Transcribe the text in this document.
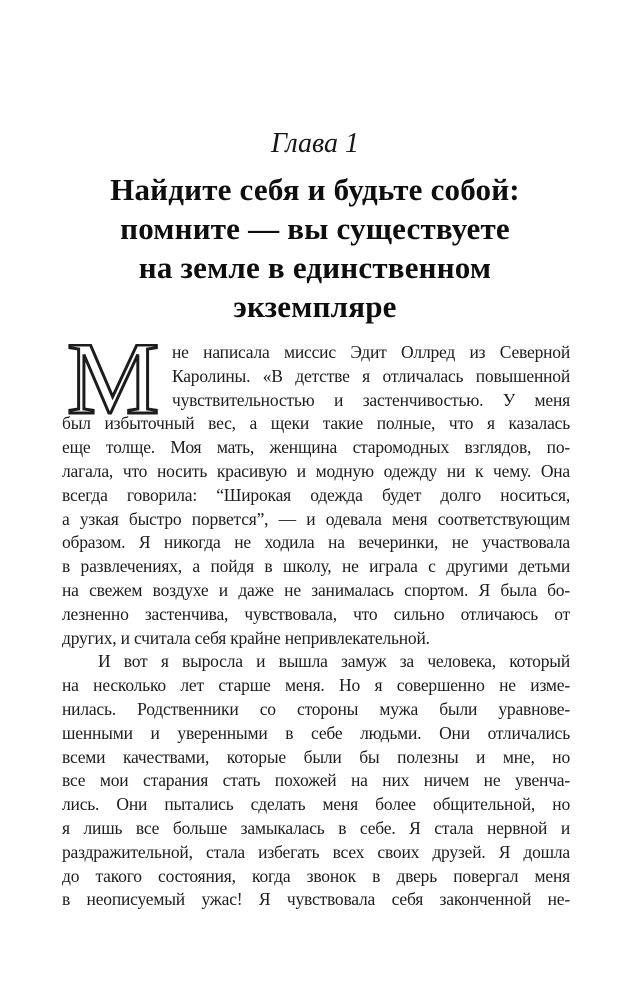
Глава 1
Найдите себя и будьте собой:
помните — вы существуете
на земле в единственном
экземпляре
М не написала миссис Эдит Оллред из Северной
Каролины. «В детстве я отличалась повышенной
чувствительностью и застенчивостью. У меня
был избыточный вес, а щеки такие полные, что я казалась
еще толще. Моя мать, женщина старомодных взглядов, по-
лагала, что носить красивую и модную одежду ни к чему. Она
всегда говорила: “Широкая одежда будет долго носиться,
а узкая быстро порвется”, — и одевала меня соответствующим
образом. Я никогда не ходила на вечеринки, не участвовала
в развлечениях, а пойдя в школу, не играла с другими детьми
на свежем воздухе и даже не занималась спортом. Я была бо-
лезненно застенчива, чувствовала, что сильно отличаюсь от
других, и считала себя крайне непривлекательной.
И вот я выросла и вышла замуж за человека, который
на несколько лет старше меня. Но я совершенно не изме-
нилась. Родственники со стороны мужа были уравнове-
шенными и уверенными в себе людьми. Они отличались
всеми качествами, которые были бы полезны и мне, но
все мои старания стать похожей на них ничем не увенча-
лись. Они пытались сделать меня более общительной, но
я лишь все больше замыкалась в себе. Я стала нервной и
раздражительной, стала избегать всех своих друзей. Я дошла
до такого состояния, когда звонок в дверь повергал меня
в неописуемый ужас! Я чувствовала себя законченной не-
